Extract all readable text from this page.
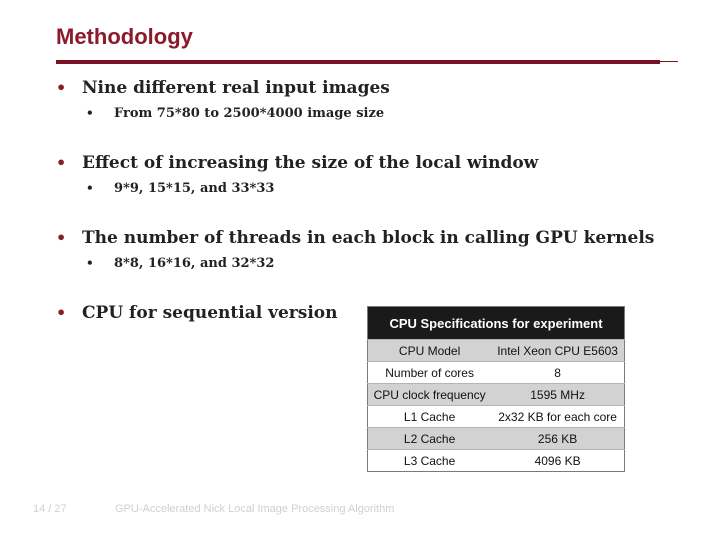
Methodology
• Nine different real input images
• From 75*80 to 2500*4000 image size
• Effect of increasing the size of the local window
• 9*9, 15*15, and 33*33
• The number of threads in each block in calling GPU kernels
• 8*8, 16*16, and 32*32
• CPU for sequential version	CPU Specifications for experiment	
CPU Model	Intel Xeon CPU E5603
Number of cores	8
CPU clock frequency	1595 MHz
L1 Cache	2x32 KB for each core
L2 Cache	256 KB
L3 Cache	4096 KB
14 / 27	GPU-Accelerated Nick Local Image Processing Algorithm
